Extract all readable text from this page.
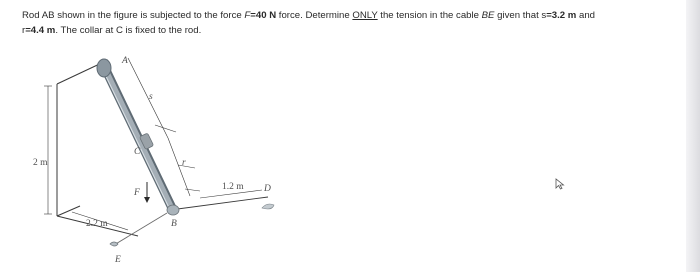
Rod AB shown in the figure is subjected to the force F=40 N force. Determine ONLY the tension in the cable BE given that s=3.2 m and
r=4.4 m. The collar at C is fixed to the rod.

A
s
C
r
F
B
D
E
2 m
2.2 m
1.2 m
